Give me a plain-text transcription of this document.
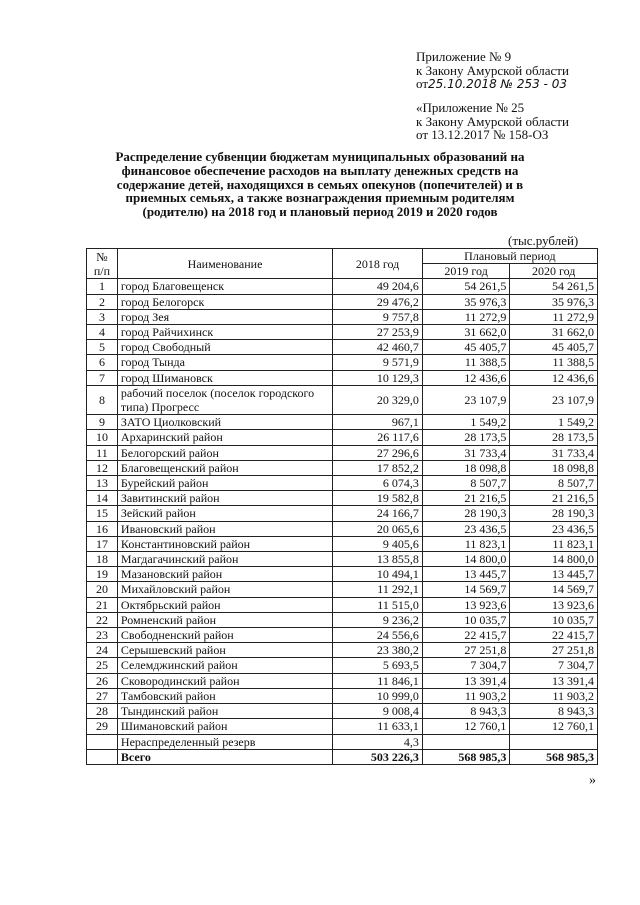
Приложение № 9
к Закону Амурской области
от25.10.2018 № 253 - 03
«Приложение № 25
к Закону Амурской области
от 13.12.2017 № 158-ОЗ
Распределение субвенции бюджетам муниципальных образований на финансовое обеспечение расходов на выплату денежных средств на содержание детей, находящихся в семьях опекунов (попечителей) и в приемных семьях, а также вознаграждения приемным родителям (родителю) на 2018 год и плановый период 2019 и 2020 годов
(тыс.рублей)
№ п/п	Наименование	2018 год	Плановый период	
			2019 год	2020 год
1	город Благовещенск	49 204,6	54 261,5	54 261,5
2	город Белогорск	29 476,2	35 976,3	35 976,3
3	город Зея	9 757,8	11 272,9	11 272,9
4	город Райчихинск	27 253,9	31 662,0	31 662,0
5	город Свободный	42 460,7	45 405,7	45 405,7
6	город Тында	9 571,9	11 388,5	11 388,5
7	город Шимановск	10 129,3	12 436,6	12 436,6
8	рабочий поселок (поселок городского типа) Прогресс	20 329,0	23 107,9	23 107,9
9	ЗАТО Циолковский	967,1	1 549,2	1 549,2
10	Архаринский район	26 117,6	28 173,5	28 173,5
11	Белогорский район	27 296,6	31 733,4	31 733,4
12	Благовещенский район	17 852,2	18 098,8	18 098,8
13	Бурейский район	6 074,3	8 507,7	8 507,7
14	Завитинский район	19 582,8	21 216,5	21 216,5
15	Зейский район	24 166,7	28 190,3	28 190,3
16	Ивановский район	20 065,6	23 436,5	23 436,5
17	Константиновский район	9 405,6	11 823,1	11 823,1
18	Магдагачинский район	13 855,8	14 800,0	14 800,0
19	Мазановский район	10 494,1	13 445,7	13 445,7
20	Михайловский район	11 292,1	14 569,7	14 569,7
21	Октябрьский район	11 515,0	13 923,6	13 923,6
22	Ромненский район	9 236,2	10 035,7	10 035,7
23	Свободненский район	24 556,6	22 415,7	22 415,7
24	Серышевский район	23 380,2	27 251,8	27 251,8
25	Селемджинский район	5 693,5	7 304,7	7 304,7
26	Сковородинский район	11 846,1	13 391,4	13 391,4
27	Тамбовский район	10 999,0	11 903,2	11 903,2
28	Тындинский район	9 008,4	8 943,3	8 943,3
29	Шимановский район	11 633,1	12 760,1	12 760,1
	Нераспределенный резерв	4,3		
	Всего	503 226,3	568 985,3	568 985,3
»
